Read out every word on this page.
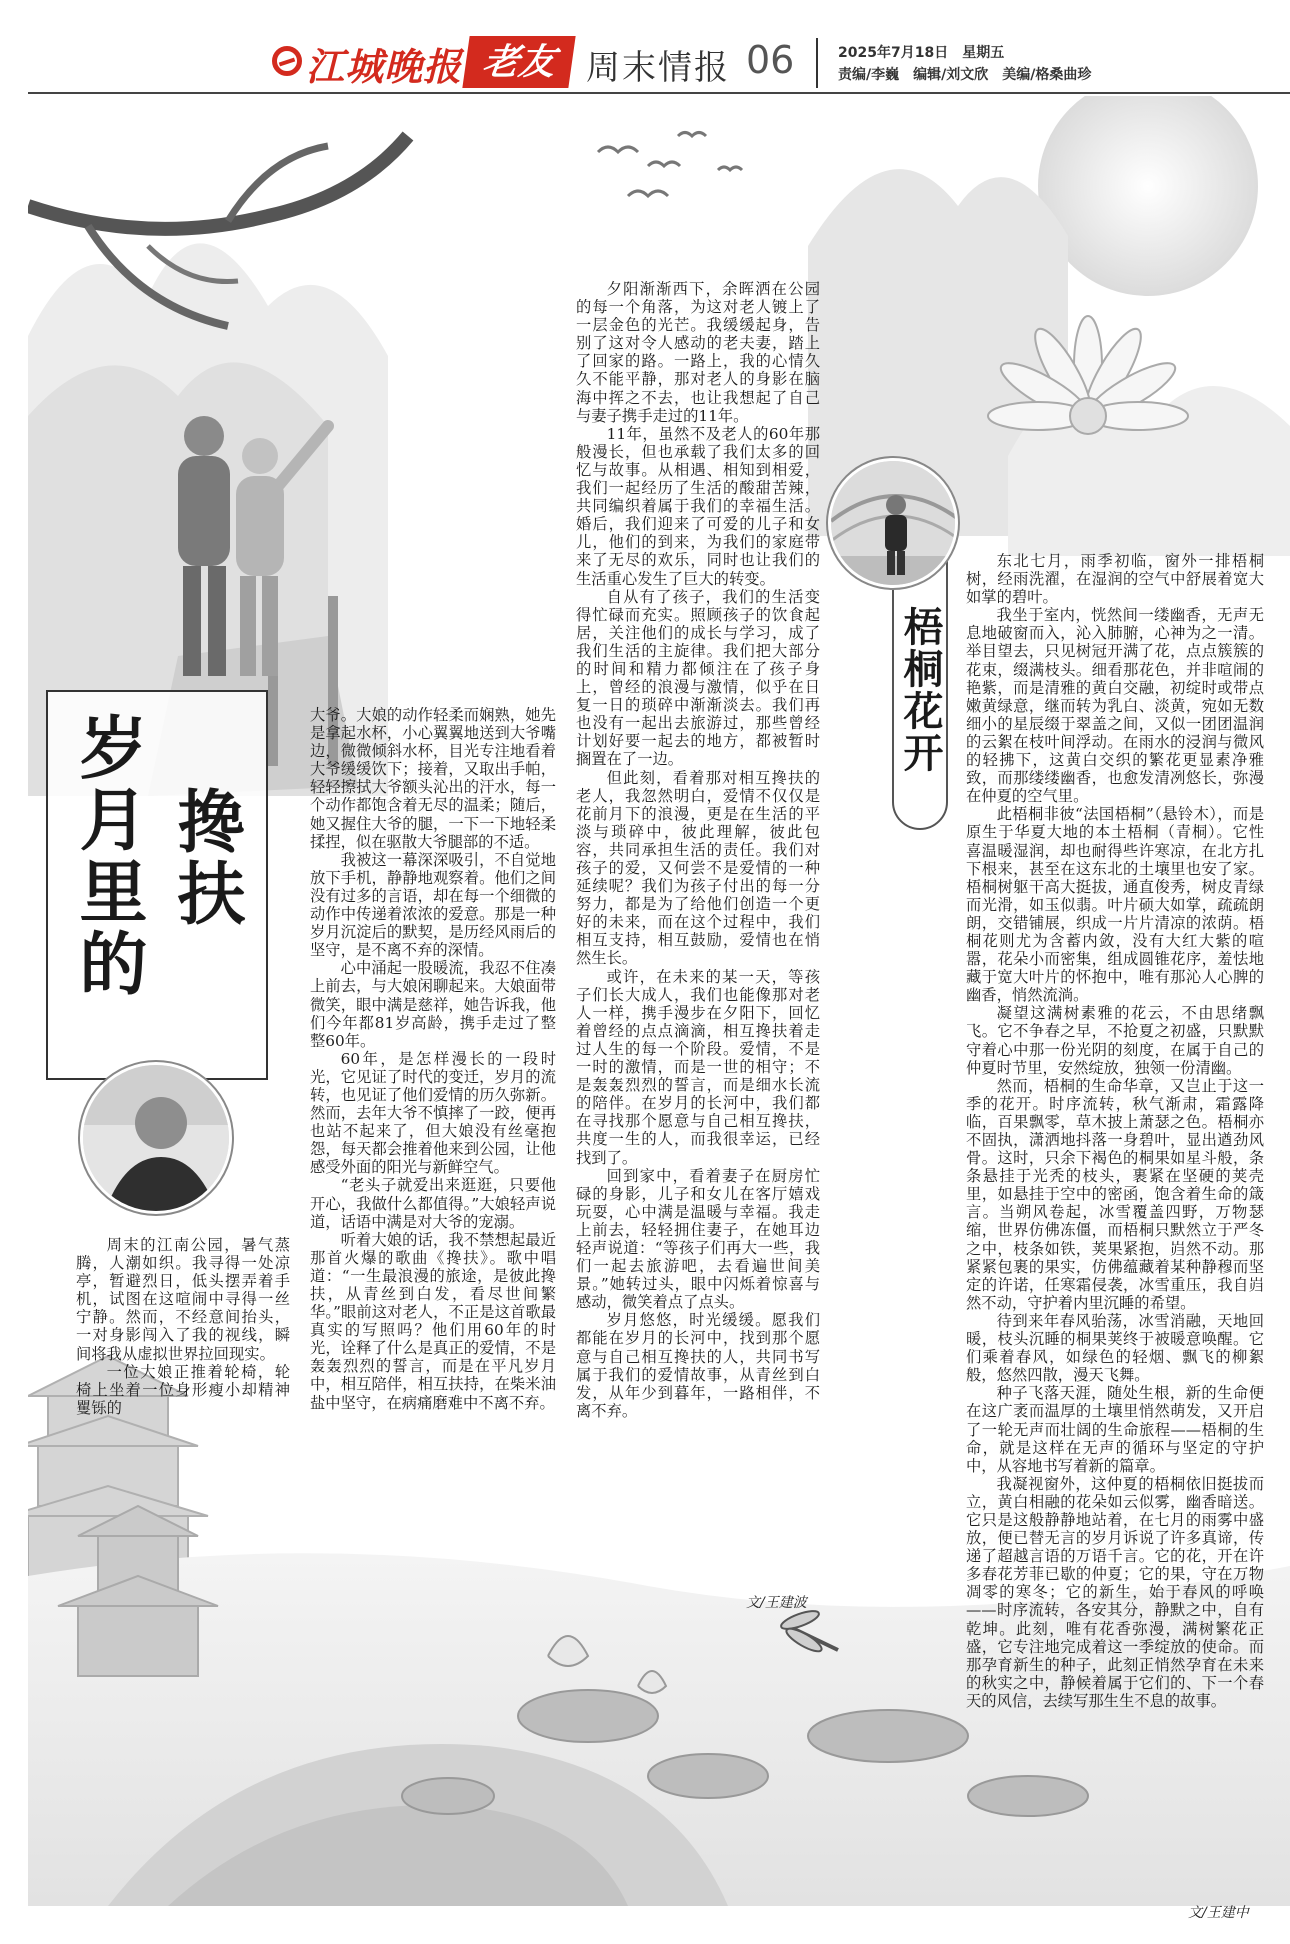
江城晚报 老友 周末情报 06	2025年7月18日　星期五
责编/李巍　编辑/刘文欣　美编/格桑曲珍
岁月里的 搀扶

周末的江南公园，暑气蒸腾，人潮如织。我寻得一处凉亭，暂避烈日，低头摆弄着手机，试图在这喧闹中寻得一丝宁静。然而，不经意间抬头，一对身影闯入了我的视线，瞬间将我从虚拟世界拉回现实。

一位大娘正推着轮椅，轮椅上坐着一位身形瘦小却精神矍铄的

大爷。大娘的动作轻柔而娴熟，她先是拿起水杯，小心翼翼地送到大爷嘴边，微微倾斜水杯，目光专注地看着大爷缓缓饮下；接着，又取出手帕，轻轻擦拭大爷额头沁出的汗水，每一个动作都饱含着无尽的温柔；随后，她又握住大爷的腿，一下一下地轻柔揉捏，似在驱散大爷腿部的不适。

我被这一幕深深吸引，不自觉地放下手机，静静地观察着。他们之间没有过多的言语，却在每一个细微的动作中传递着浓浓的爱意。那是一种岁月沉淀后的默契，是历经风雨后的坚守，是不离不弃的深情。

心中涌起一股暖流，我忍不住凑上前去，与大娘闲聊起来。大娘面带微笑，眼中满是慈祥，她告诉我，他们今年都81岁高龄，携手走过了整整60年。

60年，是怎样漫长的一段时光，它见证了时代的变迁，岁月的流转，也见证了他们爱情的历久弥新。然而，去年大爷不慎摔了一跤，便再也站不起来了，但大娘没有丝毫抱怨，每天都会推着他来到公园，让他感受外面的阳光与新鲜空气。

“老头子就爱出来逛逛，只要他开心，我做什么都值得。”大娘轻声说道，话语中满是对大爷的宠溺。

听着大娘的话，我不禁想起最近那首火爆的歌曲《搀扶》。歌中唱道：“一生最浪漫的旅途，是彼此搀扶，从青丝到白发，看尽世间繁华。”眼前这对老人，不正是这首歌最真实的写照吗？他们用60年的时光，诠释了什么是真正的爱情，不是轰轰烈烈的誓言，而是在平凡岁月中，相互陪伴，相互扶持，在柴米油盐中坚守，在病痛磨难中不离不弃。

夕阳渐渐西下，余晖洒在公园的每一个角落，为这对老人镀上了一层金色的光芒。我缓缓起身，告别了这对令人感动的老夫妻，踏上了回家的路。一路上，我的心情久久不能平静，那对老人的身影在脑海中挥之不去，也让我想起了自己与妻子携手走过的11年。

11年，虽然不及老人的60年那般漫长，但也承载了我们太多的回忆与故事。从相遇、相知到相爱，我们一起经历了生活的酸甜苦辣，共同编织着属于我们的幸福生活。婚后，我们迎来了可爱的儿子和女儿，他们的到来，为我们的家庭带来了无尽的欢乐，同时也让我们的生活重心发生了巨大的转变。

自从有了孩子，我们的生活变得忙碌而充实。照顾孩子的饮食起居，关注他们的成长与学习，成了我们生活的主旋律。我们把大部分的时间和精力都倾注在了孩子身上，曾经的浪漫与激情，似乎在日复一日的琐碎中渐渐淡去。我们再也没有一起出去旅游过，那些曾经计划好要一起去的地方，都被暂时搁置在了一边。

但此刻，看着那对相互搀扶的老人，我忽然明白，爱情不仅仅是花前月下的浪漫，更是在生活的平淡与琐碎中，彼此理解，彼此包容，共同承担生活的责任。我们对孩子的爱，又何尝不是爱情的一种延续呢？我们为孩子付出的每一分努力，都是为了给他们创造一个更好的未来，而在这个过程中，我们相互支持，相互鼓励，爱情也在悄然生长。

或许，在未来的某一天，等孩子们长大成人，我们也能像那对老人一样，携手漫步在夕阳下，回忆着曾经的点点滴滴，相互搀扶着走过人生的每一个阶段。爱情，不是一时的激情，而是一世的相守；不是轰轰烈烈的誓言，而是细水长流的陪伴。在岁月的长河中，我们都在寻找那个愿意与自己相互搀扶，共度一生的人，而我很幸运，已经找到了。

回到家中，看着妻子在厨房忙碌的身影，儿子和女儿在客厅嬉戏玩耍，心中满是温暖与幸福。我走上前去，轻轻拥住妻子，在她耳边轻声说道：“等孩子们再大一些，我们一起去旅游吧，去看遍世间美景。”她转过头，眼中闪烁着惊喜与感动，微笑着点了点头。

岁月悠悠，时光缓缓。愿我们都能在岁月的长河中，找到那个愿意与自己相互搀扶的人，共同书写属于我们的爱情故事，从青丝到白发，从年少到暮年，一路相伴，不离不弃。

文/王建波
梧桐花开

东北七月，雨季初临，窗外一排梧桐树，经雨洗濯，在湿润的空气中舒展着宽大如掌的碧叶。

我坐于室内，恍然间一缕幽香，无声无息地破窗而入，沁入肺腑，心神为之一清。举目望去，只见树冠开满了花，点点簇簇的花束，缀满枝头。细看那花色，并非喧闹的艳紫，而是清雅的黄白交融，初绽时或带点嫩黄绿意，继而转为乳白、淡黄，宛如无数细小的星辰缀于翠盖之间，又似一团团温润的云絮在枝叶间浮动。在雨水的浸润与微风的轻拂下，这黄白交织的繁花更显素净雅致，而那缕缕幽香，也愈发清冽悠长，弥漫在仲夏的空气里。

此梧桐非彼“法国梧桐”（悬铃木），而是原生于华夏大地的本土梧桐（青桐）。它性喜温暖湿润，却也耐得些许寒凉，在北方扎下根来，甚至在这东北的土壤里也安了家。梧桐树躯干高大挺拔，通直俊秀，树皮青绿而光滑，如玉似翡。叶片硕大如掌，疏疏朗朗，交错铺展，织成一片片清凉的浓荫。梧桐花则尤为含蓄内敛，没有大红大紫的喧嚣，花朵小而密集，组成圆锥花序，羞怯地藏于宽大叶片的怀抱中，唯有那沁人心脾的幽香，悄然流淌。

凝望这满树素雅的花云，不由思绪飘飞。它不争春之早，不抢夏之初盛，只默默守着心中那一份光阴的刻度，在属于自己的仲夏时节里，安然绽放，独领一份清幽。

然而，梧桐的生命华章，又岂止于这一季的花开。时序流转，秋气渐肃，霜露降临，百果飘零，草木披上萧瑟之色。梧桐亦不固执，潇洒地抖落一身碧叶，显出遒劲风骨。这时，只余下褐色的桐果如星斗般，条条悬挂于光秃的枝头，裹紧在坚硬的荚壳里，如悬挂于空中的密函，饱含着生命的箴言。当朔风卷起，冰雪覆盖四野，万物瑟缩，世界仿佛冻僵，而梧桐只默然立于严冬之中，枝条如铁，荚果紧抱，岿然不动。那紧紧包裹的果实，仿佛蕴藏着某种静穆而坚定的许诺，任寒霜侵袭，冰雪重压，我自岿然不动，守护着内里沉睡的希望。

待到来年春风骀荡，冰雪消融，天地回暖，枝头沉睡的桐果荚终于被暖意唤醒。它们乘着春风，如绿色的轻烟、飘飞的柳絮般，悠然四散，漫天飞舞。

种子飞落天涯，随处生根，新的生命便在这广袤而温厚的土壤里悄然萌发，又开启了一轮无声而壮阔的生命旅程——梧桐的生命，就是这样在无声的循环与坚定的守护中，从容地书写着新的篇章。

我凝视窗外，这仲夏的梧桐依旧挺拔而立，黄白相融的花朵如云似雾，幽香暗送。它只是这般静静地站着，在七月的雨雾中盛放，便已替无言的岁月诉说了许多真谛，传递了超越言语的万语千言。它的花，开在许多春花芳菲已歇的仲夏；它的果，守在万物凋零的寒冬；它的新生，始于春风的呼唤——时序流转，各安其分，静默之中，自有乾坤。此刻，唯有花香弥漫，满树繁花正盛，它专注地完成着这一季绽放的使命。而那孕育新生的种子，此刻正悄然孕育在未来的秋实之中，静候着属于它们的、下一个春天的风信，去续写那生生不息的故事。

文/王建中
